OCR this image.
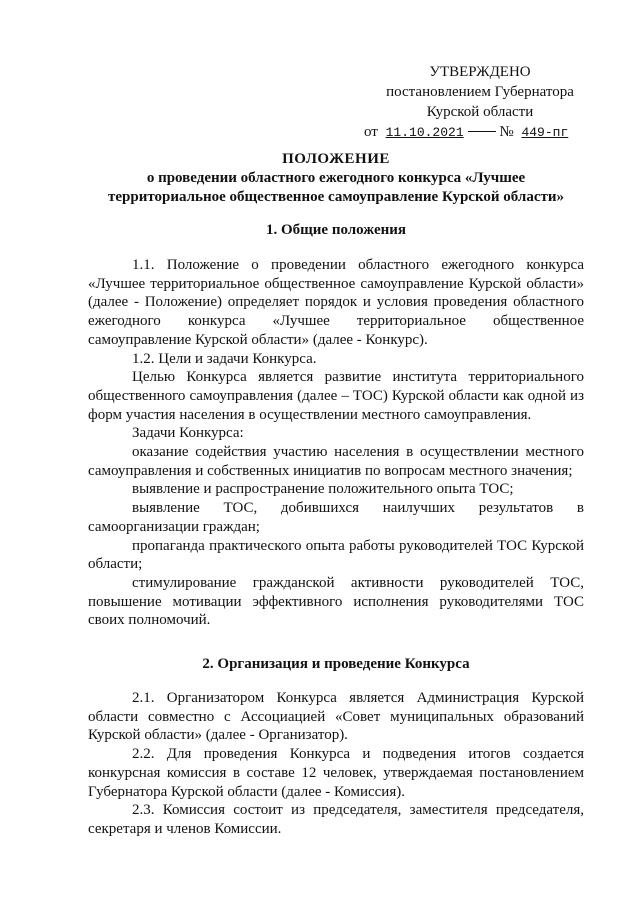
УТВЕРЖДЕНО
постановлением Губернатора
Курской области
от 11.10.2021 № 449-пг
ПОЛОЖЕНИЕ
о проведении областного ежегодного конкурса «Лучшее
территориальное общественное самоуправление Курской области»
1. Общие положения

1.1. Положение о проведении областного ежегодного конкурса «Лучшее территориальное общественное самоуправление Курской области» (далее - Положение) определяет порядок и условия проведения областного ежегодного конкурса «Лучшее территориальное общественное самоуправление Курской области» (далее - Конкурс).

1.2. Цели и задачи Конкурса.

Целью Конкурса является развитие института территориального общественного самоуправления (далее – ТОС) Курской области как одной из форм участия населения в осуществлении местного самоуправления.

Задачи Конкурса:

оказание содействия участию населения в осуществлении местного самоуправления и собственных инициатив по вопросам местного значения;

выявление и распространение положительного опыта ТОС;

выявление ТОС, добившихся наилучших результатов в самоорганизации граждан;

пропаганда практического опыта работы руководителей ТОС Курской области;

стимулирование гражданской активности руководителей ТОС, повышение мотивации эффективного исполнения руководителями ТОС своих полномочий.

2. Организация и проведение Конкурса

2.1. Организатором Конкурса является Администрация Курской области совместно с Ассоциацией «Совет муниципальных образований Курской области» (далее - Организатор).

2.2. Для проведения Конкурса и подведения итогов создается конкурсная комиссия в составе 12 человек, утверждаемая постановлением Губернатора Курской области (далее - Комиссия).

2.3. Комиссия состоит из председателя, заместителя председателя, секретаря и членов Комиссии.
